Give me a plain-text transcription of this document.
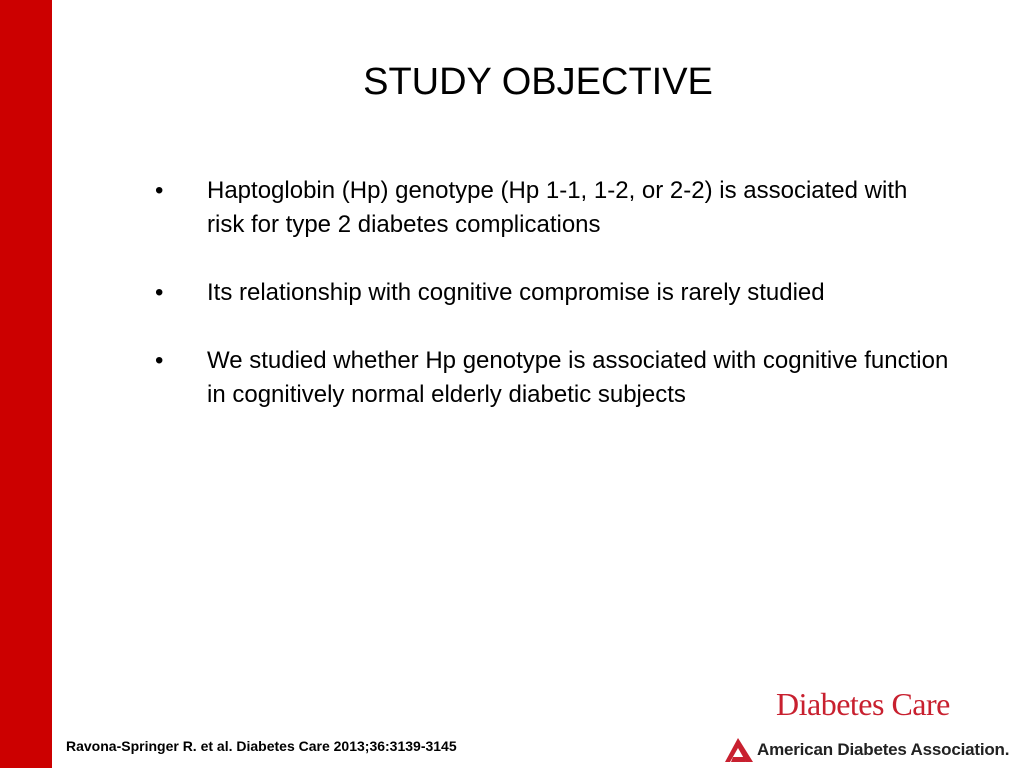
STUDY OBJECTIVE
• Haptoglobin (Hp) genotype (Hp 1-1, 1-2, or 2-2) is associated with risk for type 2 diabetes complications
• Its relationship with cognitive compromise is rarely studied
• We studied whether Hp genotype is associated with cognitive function in cognitively normal elderly diabetic subjects
Ravona-Springer R. et al. Diabetes Care 2013;36:3139-3145
Diabetes Care
American Diabetes Association.
